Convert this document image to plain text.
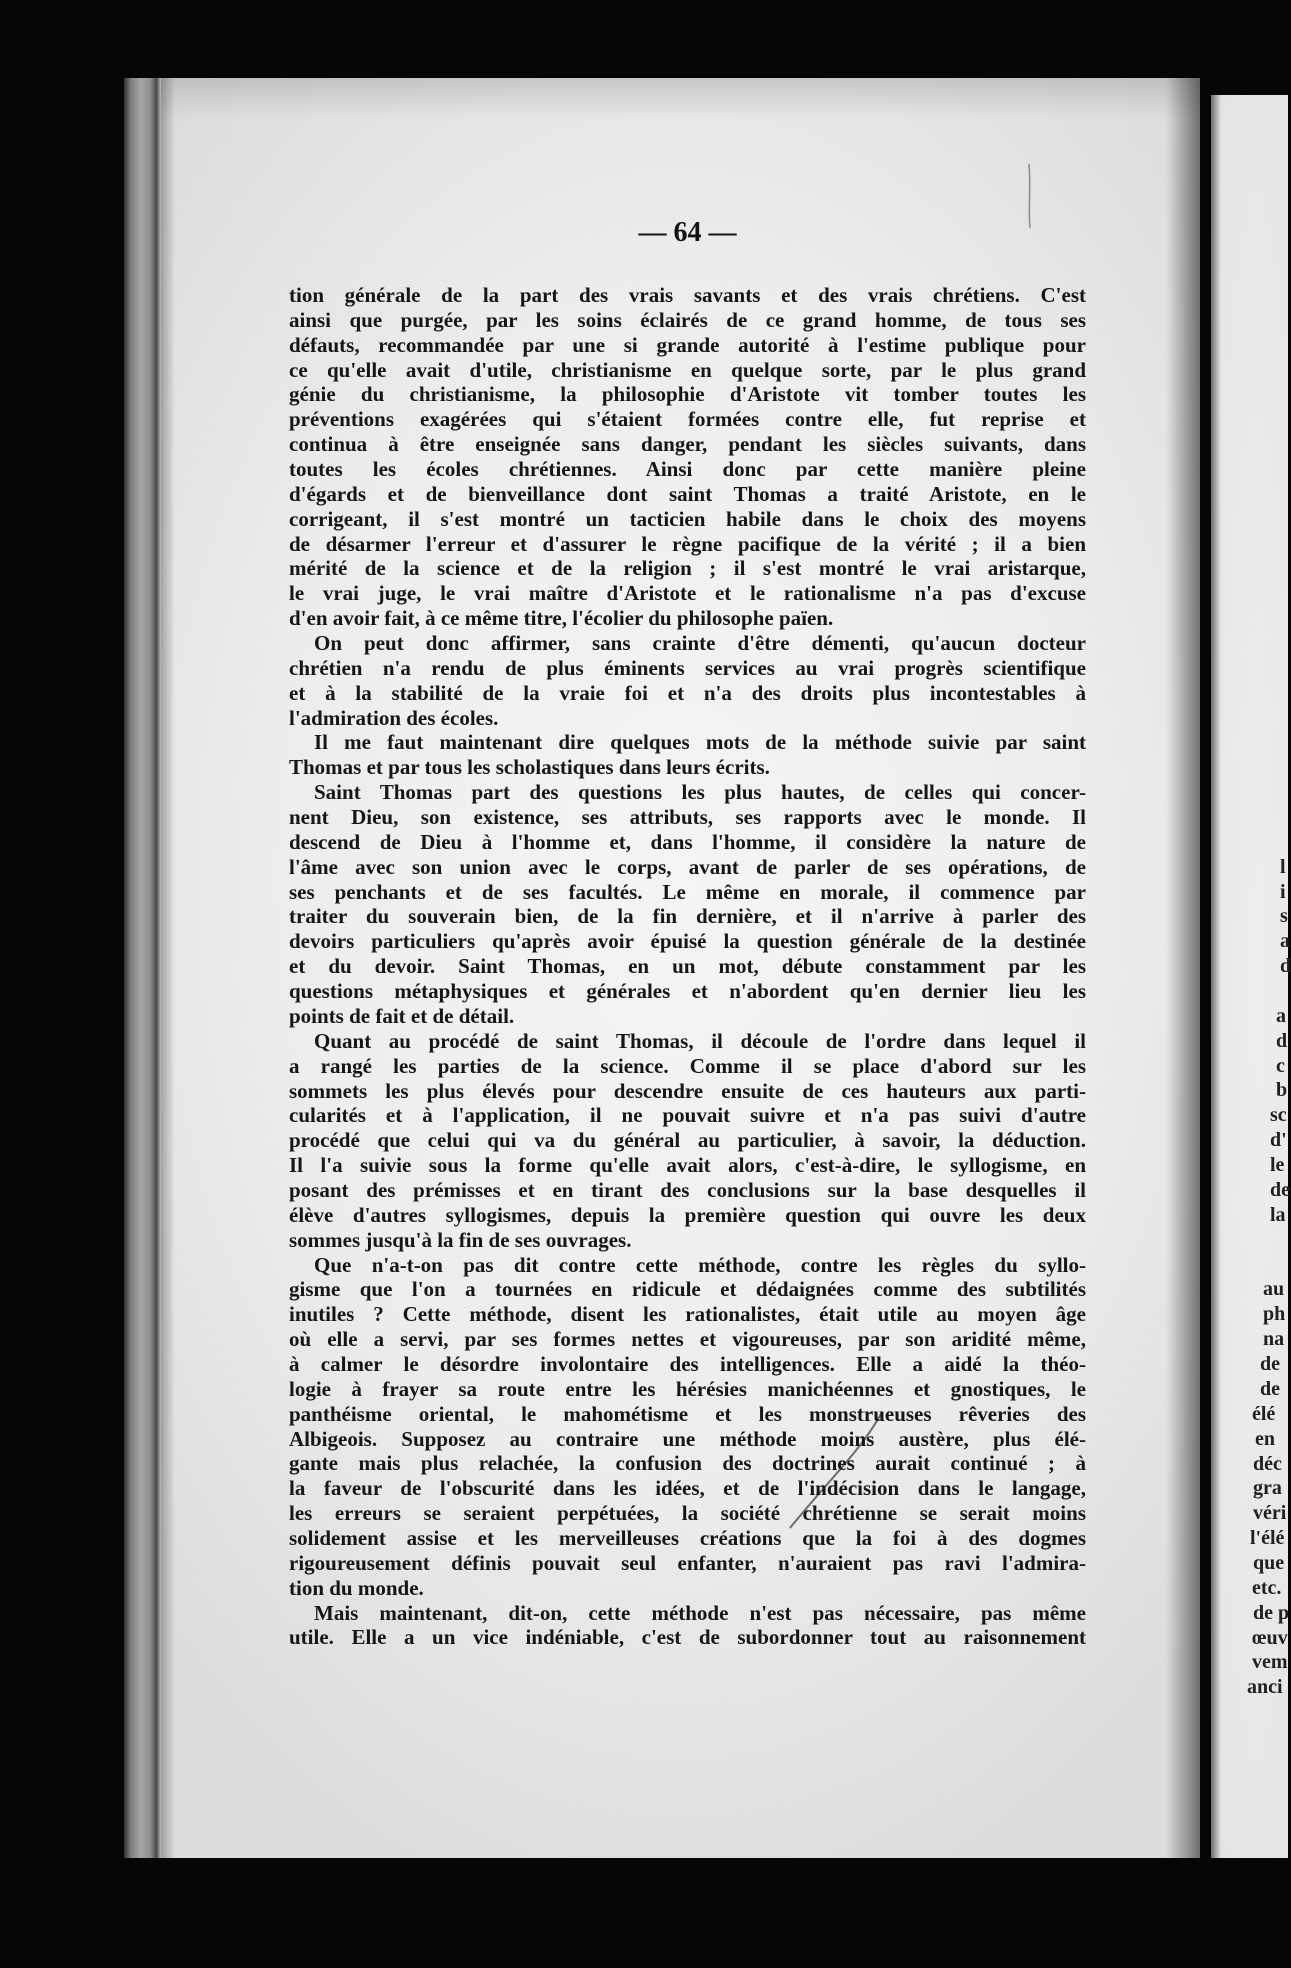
— 64 —
tion générale de la part des vrais savants et des vrais chrétiens. C'est
ainsi que purgée, par les soins éclairés de ce grand homme, de tous ses
défauts, recommandée par une si grande autorité à l'estime publique pour
ce qu'elle avait d'utile, christianisme en quelque sorte, par le plus grand
génie du christianisme, la philosophie d'Aristote vit tomber toutes les
préventions exagérées qui s'étaient formées contre elle, fut reprise et
continua à être enseignée sans danger, pendant les siècles suivants, dans
toutes les écoles chrétiennes. Ainsi donc par cette manière pleine
d'égards et de bienveillance dont saint Thomas a traité Aristote, en le
corrigeant, il s'est montré un tacticien habile dans le choix des moyens
de désarmer l'erreur et d'assurer le règne pacifique de la vérité ; il a bien
mérité de la science et de la religion ; il s'est montré le vrai aristarque,
le vrai juge, le vrai maître d'Aristote et le rationalisme n'a pas d'excuse
d'en avoir fait, à ce même titre, l'écolier du philosophe païen.
On peut donc affirmer, sans crainte d'être démenti, qu'aucun docteur
chrétien n'a rendu de plus éminents services au vrai progrès scientifique
et à la stabilité de la vraie foi et n'a des droits plus incontestables à
l'admiration des écoles.
Il me faut maintenant dire quelques mots de la méthode suivie par saint
Thomas et par tous les scholastiques dans leurs écrits.
Saint Thomas part des questions les plus hautes, de celles qui concer-
nent Dieu, son existence, ses attributs, ses rapports avec le monde. Il
descend de Dieu à l'homme et, dans l'homme, il considère la nature de
l'âme avec son union avec le corps, avant de parler de ses opérations, de
ses penchants et de ses facultés. Le même en morale, il commence par
traiter du souverain bien, de la fin dernière, et il n'arrive à parler des
devoirs particuliers qu'après avoir épuisé la question générale de la destinée
et du devoir. Saint Thomas, en un mot, débute constamment par les
questions métaphysiques et générales et n'abordent qu'en dernier lieu les
points de fait et de détail.
Quant au procédé de saint Thomas, il découle de l'ordre dans lequel il
a rangé les parties de la science. Comme il se place d'abord sur les
sommets les plus élevés pour descendre ensuite de ces hauteurs aux parti-
cularités et à l'application, il ne pouvait suivre et n'a pas suivi d'autre
procédé que celui qui va du général au particulier, à savoir, la déduction.
Il l'a suivie sous la forme qu'elle avait alors, c'est-à-dire, le syllogisme, en
posant des prémisses et en tirant des conclusions sur la base desquelles il
élève d'autres syllogismes, depuis la première question qui ouvre les deux
sommes jusqu'à la fin de ses ouvrages.
Que n'a-t-on pas dit contre cette méthode, contre les règles du syllo-
gisme que l'on a tournées en ridicule et dédaignées comme des subtilités
inutiles ? Cette méthode, disent les rationalistes, était utile au moyen âge
où elle a servi, par ses formes nettes et vigoureuses, par son aridité même,
à calmer le désordre involontaire des intelligences. Elle a aidé la théo-
logie à frayer sa route entre les hérésies manichéennes et gnostiques, le
panthéisme oriental, le mahométisme et les monstrueuses rêveries des
Albigeois. Supposez au contraire une méthode moins austère, plus élé-
gante mais plus relachée, la confusion des doctrines aurait continué ; à
la faveur de l'obscurité dans les idées, et de l'indécision dans le langage,
les erreurs se seraient perpétuées, la société chrétienne se serait moins
solidement assise et les merveilleuses créations que la foi à des dogmes
rigoureusement définis pouvait seul enfanter, n'auraient pas ravi l'admira-
tion du monde.
Mais maintenant, dit-on, cette méthode n'est pas nécessaire, pas même
utile. Elle a un vice indéniable, c'est de subordonner tout au raisonnement
l
i
s
a
d
a
d
c
b
sc
d'
le
de
la
au
ph
na
de
de
élé
en
déc
gra
véri
l'élé
que
etc.
de p
œuv
vem
anci
